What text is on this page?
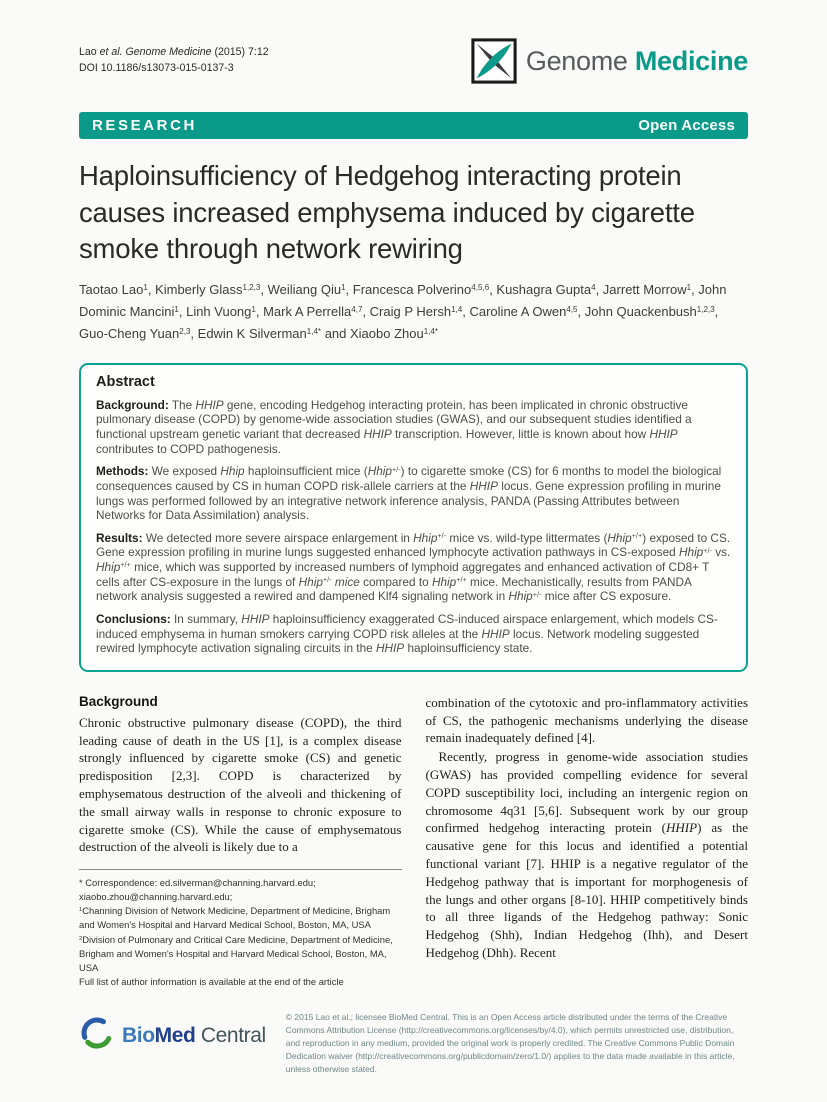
Lao et al. Genome Medicine (2015) 7:12

DOI 10.1186/s13073-015-0137-3	Genome Medicine
RESEARCH	Open Access
Haploinsufficiency of Hedgehog interacting protein causes increased emphysema induced by cigarette smoke through network rewiring

Taotao Lao$^1$, Kimberly Glass$^{1,2,3}$, Weiliang Qiu$^1$, Francesca Polverino$^{4,5,6}$, Kushagra Gupta$^4$, Jarrett Morrow$^1$, John Dominic Mancini$^1$, Linh Vuong$^1$, Mark A Perrella$^{4,7}$, Craig P Hersh$^{1,4}$, Caroline A Owen$^{4,5}$, John Quackenbush$^{1,2,3}$, Guo-Cheng Yuan$^{2,3}$, Edwin K Silverman$^{1,4*}$ and Xiaobo Zhou$^{1,4*}$

Abstract

Background: The HHIP gene, encoding Hedgehog interacting protein, has been implicated in chronic obstructive pulmonary disease (COPD) by genome-wide association studies (GWAS), and our subsequent studies identified a functional upstream genetic variant that decreased HHIP transcription. However, little is known about how HHIP contributes to COPD pathogenesis.

Methods: We exposed Hhip haploinsufficient mice (Hhip+/-) to cigarette smoke (CS) for 6 months to model the biological consequences caused by CS in human COPD risk-allele carriers at the HHIP locus. Gene expression profiling in murine lungs was performed followed by an integrative network inference analysis, PANDA (Passing Attributes between Networks for Data Assimilation) analysis.

Results: We detected more severe airspace enlargement in Hhip+/- mice vs. wild-type littermates (Hhip+/+) exposed to CS. Gene expression profiling in murine lungs suggested enhanced lymphocyte activation pathways in CS-exposed Hhip+/- vs. Hhip+/+ mice, which was supported by increased numbers of lymphoid aggregates and enhanced activation of CD8+ T cells after CS-exposure in the lungs of Hhip+/- mice compared to Hhip+/+ mice. Mechanistically, results from PANDA network analysis suggested a rewired and dampened Klf4 signaling network in Hhip+/- mice after CS exposure.

Conclusions: In summary, HHIP haploinsufficiency exaggerated CS-induced airspace enlargement, which models CS-induced emphysema in human smokers carrying COPD risk alleles at the HHIP locus. Network modeling suggested rewired lymphocyte activation signaling circuits in the HHIP haploinsufficiency state.

Background

Chronic obstructive pulmonary disease (COPD), the third leading cause of death in the US [1], is a complex disease strongly influenced by cigarette smoke (CS) and genetic predisposition [2,3]. COPD is characterized by emphysematous destruction of the alveoli and thickening of the small airway walls in response to chronic exposure to cigarette smoke (CS). While the cause of emphysematous destruction of the alveoli is likely due to a

* Correspondence: ed.silverman@channing.harvard.edu; xiaobo.zhou@channing.harvard.edu;

$^1$Channing Division of Network Medicine, Department of Medicine, Brigham and Women's Hospital and Harvard Medical School, Boston, MA, USA

$^2$Division of Pulmonary and Critical Care Medicine, Department of Medicine, Brigham and Women's Hospital and Harvard Medical School, Boston, MA, USA

Full list of author information is available at the end of the article

combination of the cytotoxic and pro-inflammatory activities of CS, the pathogenic mechanisms underlying the disease remain inadequately defined [4].

Recently, progress in genome-wide association studies (GWAS) has provided compelling evidence for several COPD susceptibility loci, including an intergenic region on chromosome 4q31 [5,6]. Subsequent work by our group confirmed hedgehog interacting protein (HHIP) as the causative gene for this locus and identified a potential functional variant [7]. HHIP is a negative regulator of the Hedgehog pathway that is important for morphogenesis of the lungs and other organs [8-10]. HHIP competitively binds to all three ligands of the Hedgehog pathway: Sonic Hedgehog (Shh), Indian Hedgehog (Ihh), and Desert Hedgehog (Dhh). Recent

BioMed Central

© 2015 Lao et al.; licensee BioMed Central. This is an Open Access article distributed under the terms of the Creative Commons Attribution License (http://creativecommons.org/licenses/by/4.0), which permits unrestricted use, distribution, and reproduction in any medium, provided the original work is properly credited. The Creative Commons Public Domain Dedication waiver (http://creativecommons.org/publicdomain/zero/1.0/) applies to the data made available in this article, unless otherwise stated.
